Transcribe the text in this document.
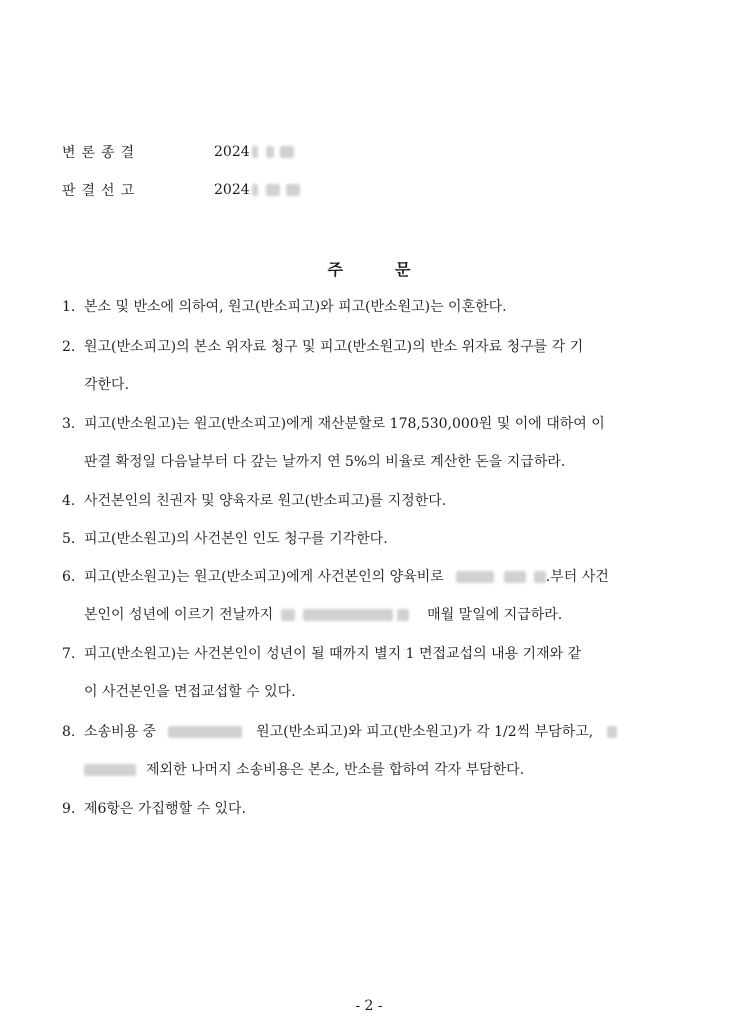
변론종결	2024
판결선고	2024
주	문
1. 본소 및 반소에 의하여, 원고(반소피고)와 피고(반소원고)는 이혼한다.
2. 원고(반소피고)의 본소 위자료 청구 및 피고(반소원고)의 반소 위자료 청구를 각 기
각한다.
3. 피고(반소원고)는 원고(반소피고)에게 재산분할로 178,530,000원 및 이에 대하여 이
판결 확정일 다음날부터 다 갚는 날까지 연 5%의 비율로 계산한 돈을 지급하라.
4. 사건본인의 친권자 및 양육자로 원고(반소피고)를 지정한다.
5. 피고(반소원고)의 사건본인 인도 청구를 기각한다.
6. 피고(반소원고)는 원고(반소피고)에게 사건본인의 양육비로	.부터 사건
본인이 성년에 이르기 전날까지	매월 말일에 지급하라.
7. 피고(반소원고)는 사건본인이 성년이 될 때까지 별지 1 면접교섭의 내용 기재와 같
이 사건본인을 면접교섭할 수 있다.
8. 소송비용 중	원고(반소피고)와 피고(반소원고)가 각 1/2씩 부담하고,
제외한 나머지 소송비용은 본소, 반소를 합하여 각자 부담한다.
9. 제6항은 가집행할 수 있다.
- 2 -
